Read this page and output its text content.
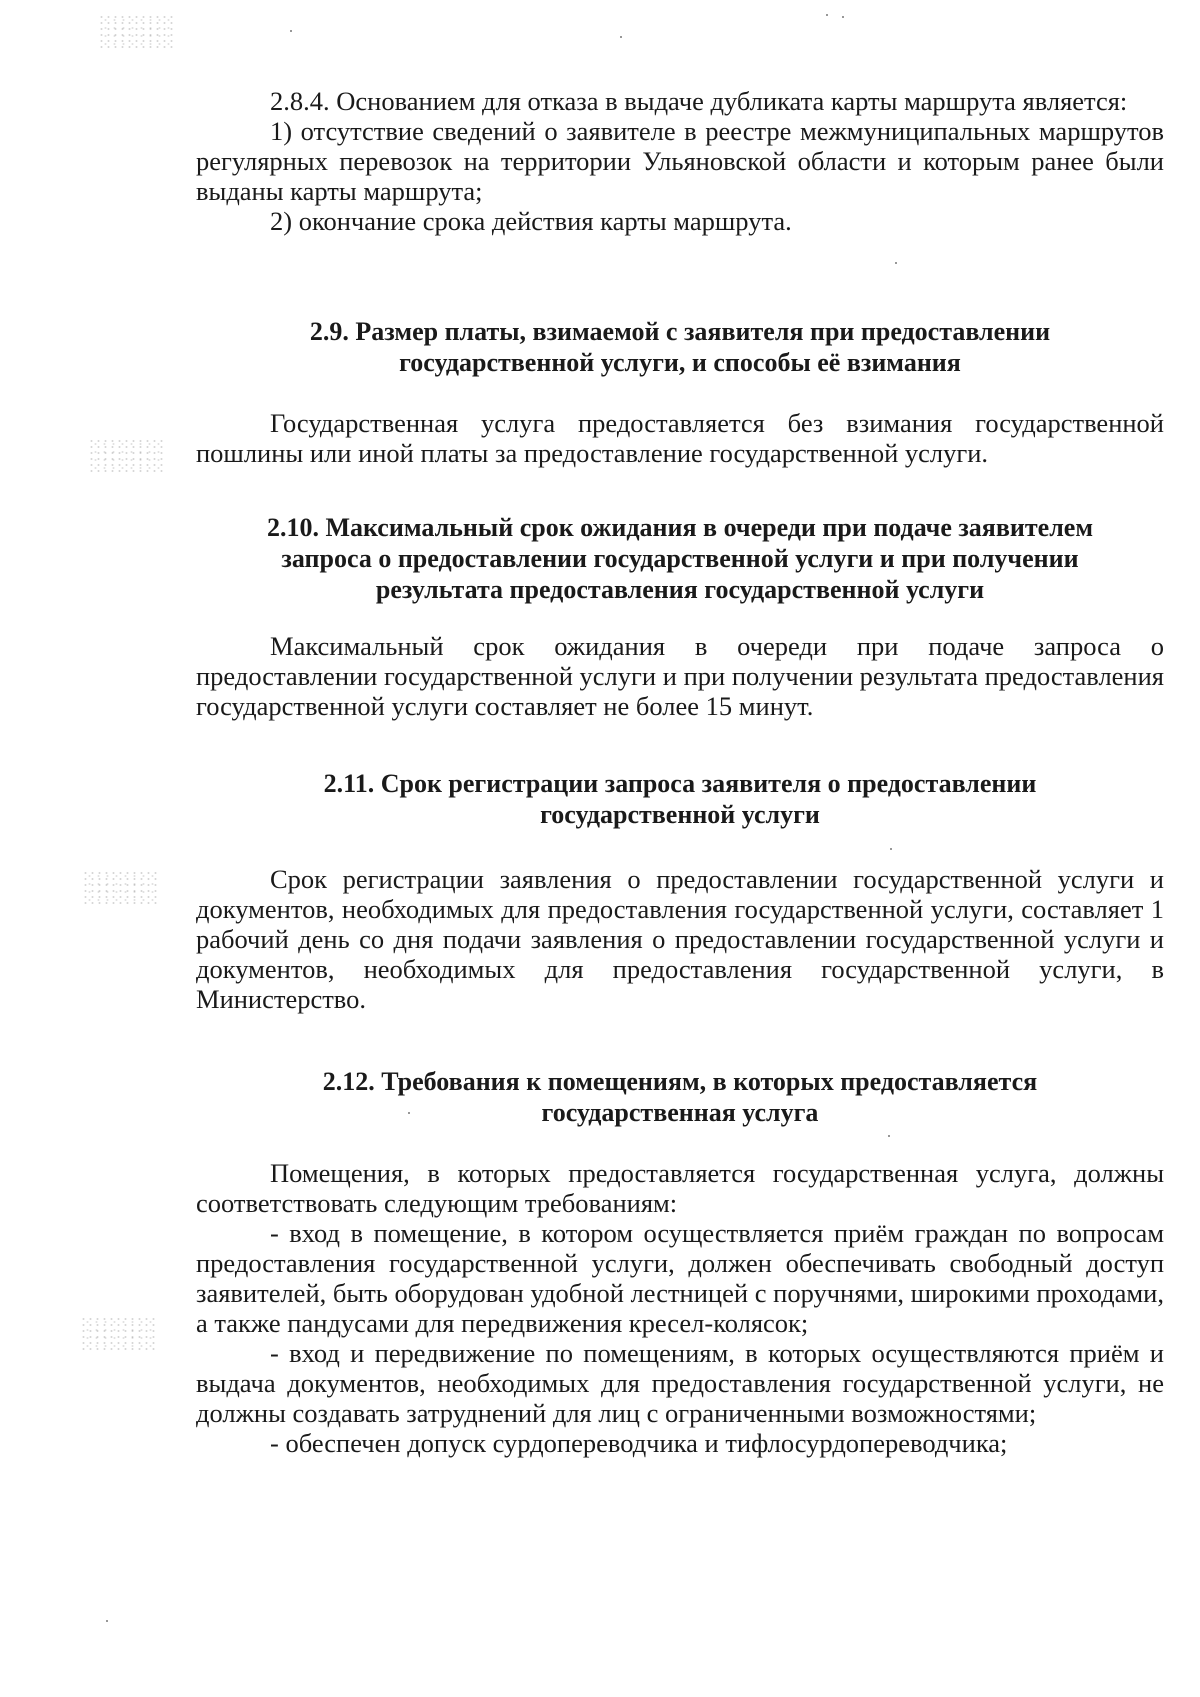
2.8.4. Основанием для отказа в выдаче дубликата карты маршрута является:

1) отсутствие сведений о заявителе в реестре межмуниципальных маршрутов регулярных перевозок на территории Ульяновской области и которым ранее были выданы карты маршрута;

2) окончание срока действия карты маршрута.

2.9. Размер платы, взимаемой с заявителя при предоставлении
государственной услуги, и способы её взимания

Государственная услуга предоставляется без взимания государственной пошлины или иной платы за предоставление государственной услуги.

2.10. Максимальный срок ожидания в очереди при подаче заявителем
запроса о предоставлении государственной услуги и при получении
результата предоставления государственной услуги

Максимальный срок ожидания в очереди при подаче запроса о предоставлении государственной услуги и при получении результата предоставления государственной услуги составляет не более 15 минут.

2.11. Срок регистрации запроса заявителя о предоставлении
государственной услуги

Срок регистрации заявления о предоставлении государственной услуги и документов, необходимых для предоставления государственной услуги, составляет 1 рабочий день со дня подачи заявления о предоставлении государственной услуги и документов, необходимых для предоставления государственной услуги, в Министерство.

2.12. Требования к помещениям, в которых предоставляется
государственная услуга

Помещения, в которых предоставляется государственная услуга, должны соответствовать следующим требованиям:

- вход в помещение, в котором осуществляется приём граждан по вопросам предоставления государственной услуги, должен обеспечивать свободный доступ заявителей, быть оборудован удобной лестницей с поручнями, широкими проходами, а также пандусами для передвижения кресел-колясок;

- вход и передвижение по помещениям, в которых осуществляются приём и выдача документов, необходимых для предоставления государственной услуги, не должны создавать затруднений для лиц с ограниченными возможностями;

- обеспечен допуск сурдопереводчика и тифлосурдопереводчика;
